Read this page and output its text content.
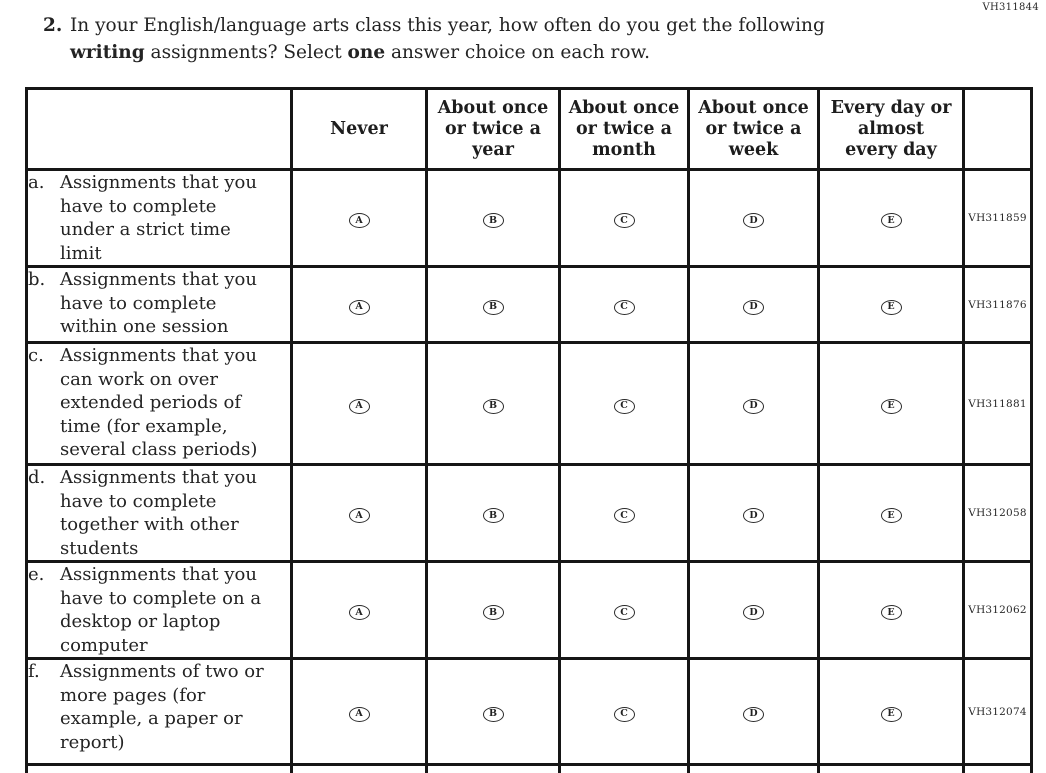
VH311844
2. In your English/language arts class this year, how often do you get the following
writing assignments? Select one answer choice on each row.

Never

About once
or twice a
year

About once
or twice a
month

About once
or twice a
week

Every day or
almost
every day

a. Assignments that you have to complete under a strict time limit	A	B	C	D	E	VH311859

b. Assignments that you have to complete within one session	A	B	C	D	E	VH311876

c. Assignments that you can work on over extended periods of time (for example, several class periods)	A	B	C	D	E	VH311881

d. Assignments that you have to complete together with other students	A	B	C	D	E	VH312058

e. Assignments that you have to complete on a desktop or laptop computer	A	B	C	D	E	VH312062

f. Assignments of two or more pages (for example, a paper or report)	A	B	C	D	E	VH312074
